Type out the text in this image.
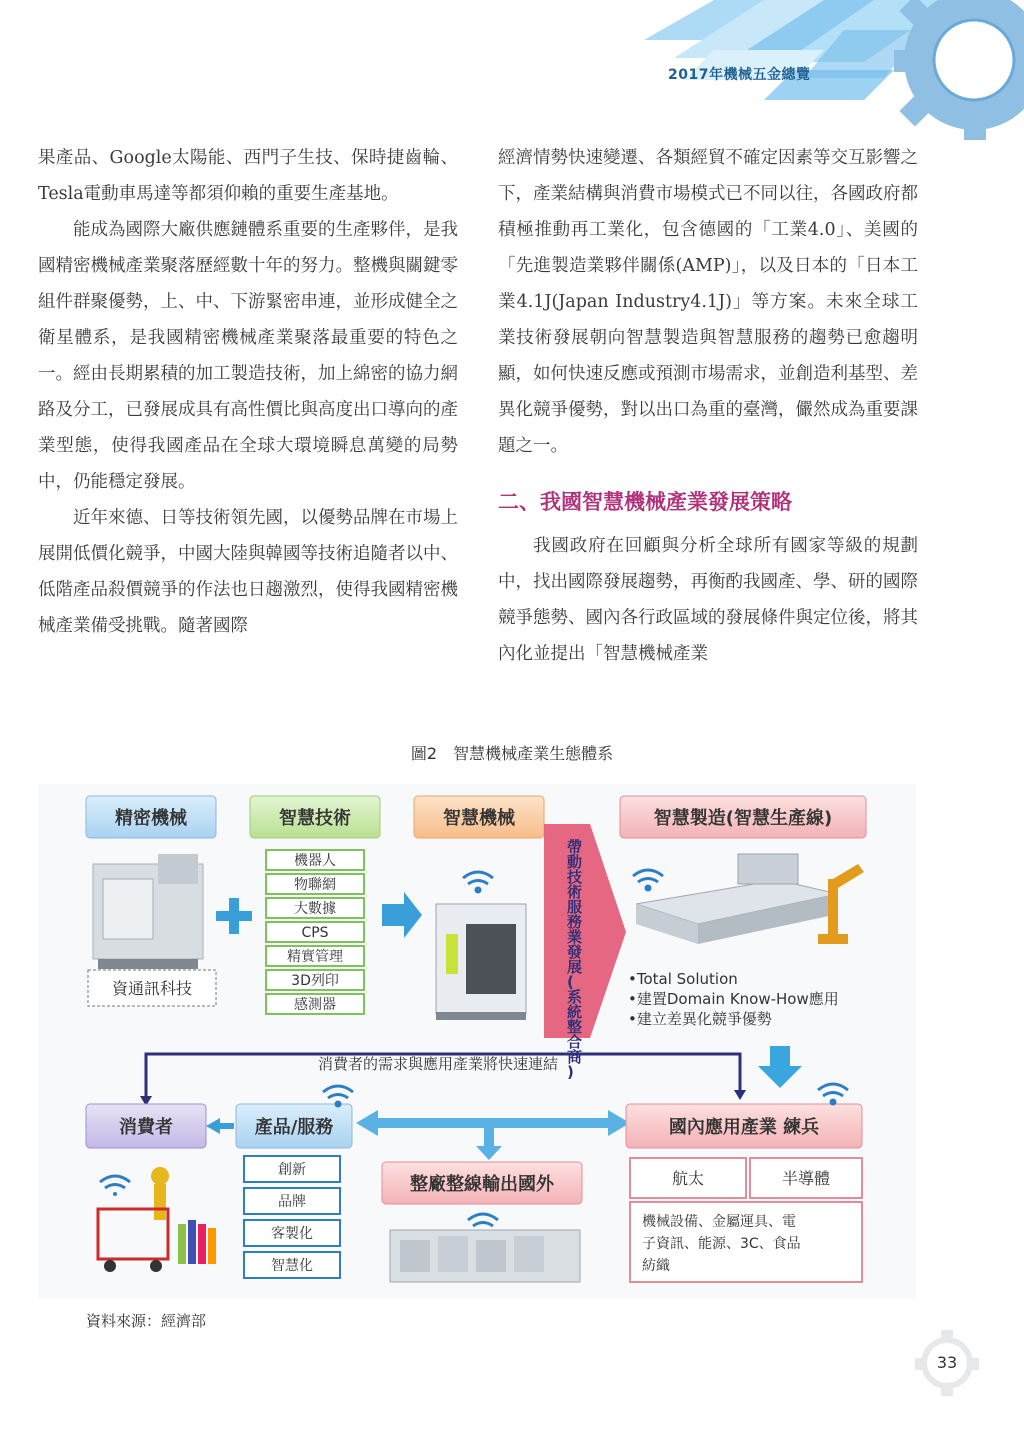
2017年機械五金總覽

果產品、Google太陽能、西門子生技、保時捷齒輪、Tesla電動車馬達等都須仰賴的重要生產基地。

能成為國際大廠供應鏈體系重要的生產夥伴，是我國精密機械產業聚落歷經數十年的努力。整機與關鍵零組件群聚優勢，上、中、下游緊密串連，並形成健全之衛星體系，是我國精密機械產業聚落最重要的特色之一。經由長期累積的加工製造技術，加上綿密的協力網路及分工，已發展成具有高性價比與高度出口導向的產業型態，使得我國產品在全球大環境瞬息萬變的局勢中，仍能穩定發展。

近年來德、日等技術領先國，以優勢品牌在市場上展開低價化競爭，中國大陸與韓國等技術追隨者以中、低階產品殺價競爭的作法也日趨激烈，使得我國精密機械產業備受挑戰。隨著國際

經濟情勢快速變遷、各類經貿不確定因素等交互影響之下，產業結構與消費市場模式已不同以往，各國政府都積極推動再工業化，包含德國的「工業4.0」、美國的「先進製造業夥伴關係(AMP)」，以及日本的「日本工業4.1J(Japan Industry4.1J)」等方案。未來全球工業技術發展朝向智慧製造與智慧服務的趨勢已愈趨明顯，如何快速反應或預測市場需求，並創造利基型、差異化競爭優勢，對以出口為重的臺灣，儼然成為重要課題之一。

二、我國智慧機械產業發展策略

我國政府在回顧與分析全球所有國家等級的規劃中，找出國際發展趨勢，再衡酌我國產、學、研的國際競爭態勢、國內各行政區域的發展條件與定位後，將其內化並提出「智慧機械產業

圖2　智慧機械產業生態體系
精密機械	智慧技術	智慧機械	智慧製造(智慧生產線)
資通訊科技
機器人
物聯網
大數據
CPS
精實管理
3D列印
感測器
帶動技術服務業發展(系統整合商)
•Total Solution
•建置Domain Know-How應用
•建立差異化競爭優勢
消費者的需求與應用產業將快速連結
消費者	產品/服務	國內應用產業 練兵
創新
品牌
客製化
智慧化
整廠整線輸出國外	航太	半導體
機械設備、金屬運具、電
子資訊、能源、3C、食品
紡織
資料來源：經濟部
33
